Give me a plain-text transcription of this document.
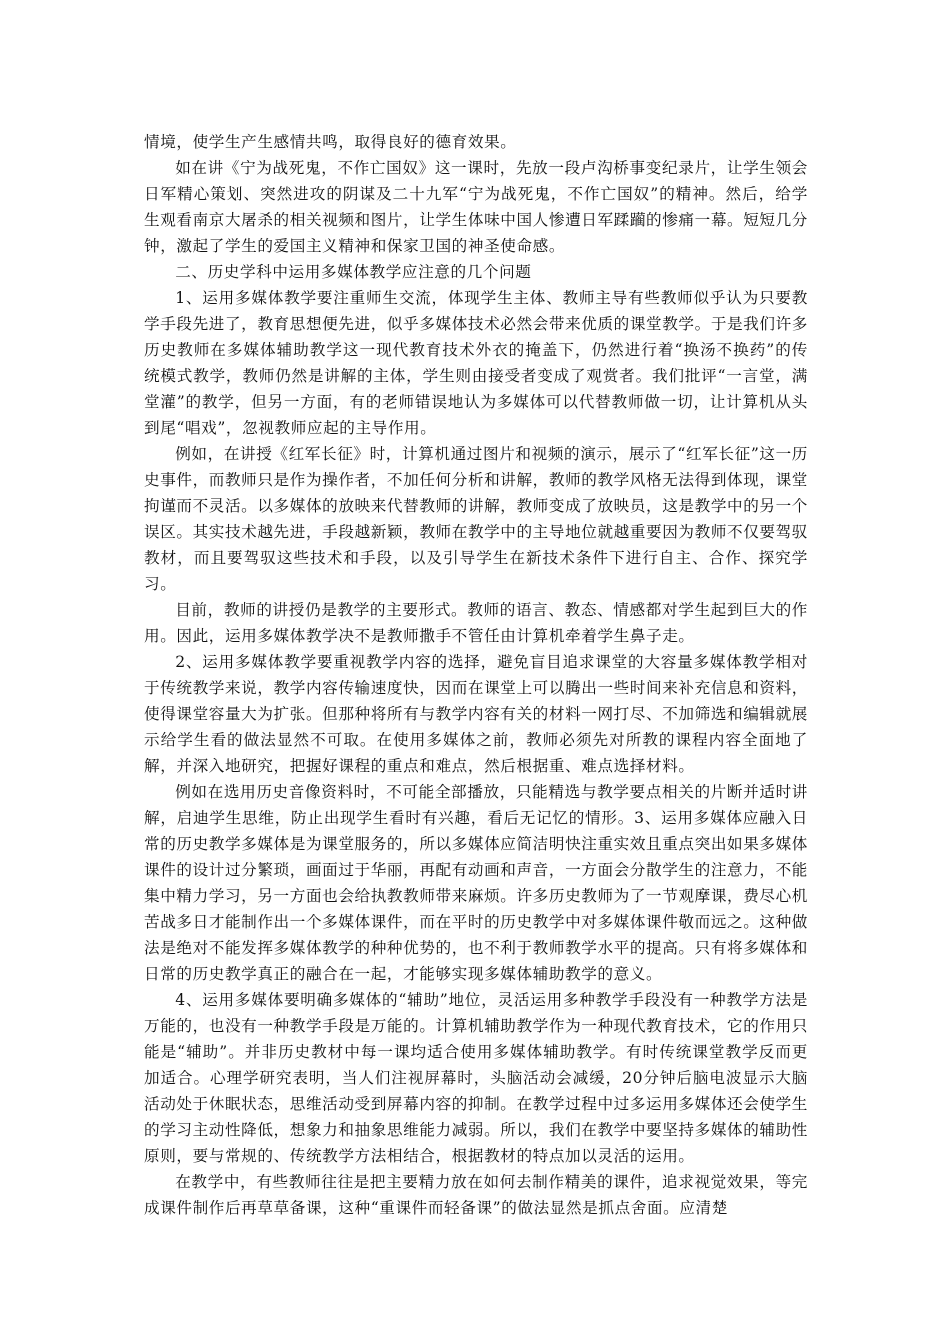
情境，使学生产生感情共鸣，取得良好的德育效果。

如在讲《宁为战死鬼，不作亡国奴》这一课时，先放一段卢沟桥事变纪录片，让学生领会日军精心策划、突然进攻的阴谋及二十九军“宁为战死鬼，不作亡国奴”的精神。然后，给学生观看南京大屠杀的相关视频和图片，让学生体味中国人惨遭日军蹂躏的惨痛一幕。短短几分钟，激起了学生的爱国主义精神和保家卫国的神圣使命感。

二、历史学科中运用多媒体教学应注意的几个问题

1、运用多媒体教学要注重师生交流，体现学生主体、教师主导有些教师似乎认为只要教学手段先进了，教育思想便先进，似乎多媒体技术必然会带来优质的课堂教学。于是我们许多历史教师在多媒体辅助教学这一现代教育技术外衣的掩盖下，仍然进行着“换汤不换药”的传统模式教学，教师仍然是讲解的主体，学生则由接受者变成了观赏者。我们批评“一言堂，满堂灌”的教学，但另一方面，有的老师错误地认为多媒体可以代替教师做一切，让计算机从头到尾“唱戏”，忽视教师应起的主导作用。

例如，在讲授《红军长征》时，计算机通过图片和视频的演示，展示了“红军长征”这一历史事件，而教师只是作为操作者，不加任何分析和讲解，教师的教学风格无法得到体现，课堂拘谨而不灵活。以多媒体的放映来代替教师的讲解，教师变成了放映员，这是教学中的另一个误区。其实技术越先进，手段越新颖，教师在教学中的主导地位就越重要因为教师不仅要驾驭教材，而且要驾驭这些技术和手段，以及引导学生在新技术条件下进行自主、合作、探究学习。

目前，教师的讲授仍是教学的主要形式。教师的语言、教态、情感都对学生起到巨大的作用。因此，运用多媒体教学决不是教师撒手不管任由计算机牵着学生鼻子走。

2、运用多媒体教学要重视教学内容的选择，避免盲目追求课堂的大容量多媒体教学相对于传统教学来说，教学内容传输速度快，因而在课堂上可以腾出一些时间来补充信息和资料，使得课堂容量大为扩张。但那种将所有与教学内容有关的材料一网打尽、不加筛选和编辑就展示给学生看的做法显然不可取。在使用多媒体之前，教师必须先对所教的课程内容全面地了解，并深入地研究，把握好课程的重点和难点，然后根据重、难点选择材料。

例如在选用历史音像资料时，不可能全部播放，只能精选与教学要点相关的片断并适时讲解，启迪学生思维，防止出现学生看时有兴趣，看后无记忆的情形。3、运用多媒体应融入日常的历史教学多媒体是为课堂服务的，所以多媒体应简洁明快注重实效且重点突出如果多媒体课件的设计过分繁琐，画面过于华丽，再配有动画和声音，一方面会分散学生的注意力，不能集中精力学习，另一方面也会给执教教师带来麻烦。许多历史教师为了一节观摩课，费尽心机苦战多日才能制作出一个多媒体课件，而在平时的历史教学中对多媒体课件敬而远之。这种做法是绝对不能发挥多媒体教学的种种优势的，也不利于教师教学水平的提高。只有将多媒体和日常的历史教学真正的融合在一起，才能够实现多媒体辅助教学的意义。

4、运用多媒体要明确多媒体的“辅助”地位，灵活运用多种教学手段没有一种教学方法是万能的，也没有一种教学手段是万能的。计算机辅助教学作为一种现代教育技术，它的作用只能是“辅助”。并非历史教材中每一课均适合使用多媒体辅助教学。有时传统课堂教学反而更加适合。心理学研究表明，当人们注视屏幕时，头脑活动会减缓，20分钟后脑电波显示大脑活动处于休眠状态，思维活动受到屏幕内容的抑制。在教学过程中过多运用多媒体还会使学生的学习主动性降低，想象力和抽象思维能力减弱。所以，我们在教学中要坚持多媒体的辅助性原则，要与常规的、传统教学方法相结合，根据教材的特点加以灵活的运用。

在教学中，有些教师往往是把主要精力放在如何去制作精美的课件，追求视觉效果，等完成课件制作后再草草备课，这种“重课件而轻备课”的做法显然是抓点舍面。应清楚
